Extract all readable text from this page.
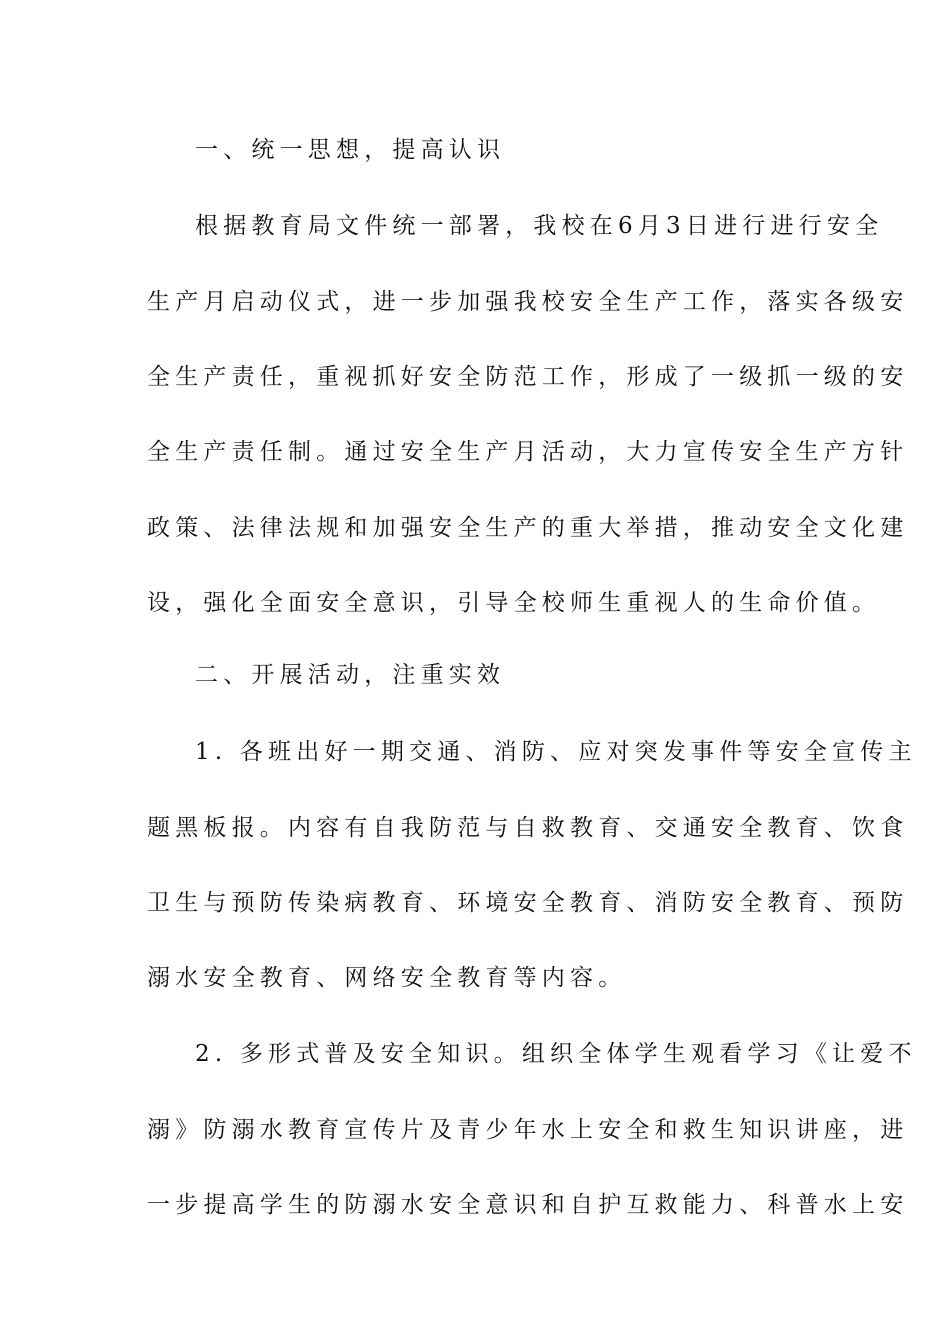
一、统一思想，提高认识
根据教育局文件统一部署，我校在6月3日进行进行安全
生产月启动仪式，进一步加强我校安全生产工作，落实各级安
全生产责任，重视抓好安全防范工作，形成了一级抓一级的安
全生产责任制。通过安全生产月活动，大力宣传安全生产方针
政策、法律法规和加强安全生产的重大举措，推动安全文化建
设，强化全面安全意识，引导全校师生重视人的生命价值。
二、开展活动，注重实效
1. 各班出好一期交通、消防、应对突发事件等安全宣传主
题黑板报。内容有自我防范与自救教育、交通安全教育、饮食
卫生与预防传染病教育、环境安全教育、消防安全教育、预防
溺水安全教育、网络安全教育等内容。
2. 多形式普及安全知识。组织全体学生观看学习《让爱不
溺》防溺水教育宣传片及青少年水上安全和救生知识讲座，进
一步提高学生的防溺水安全意识和自护互救能力、科普水上安
